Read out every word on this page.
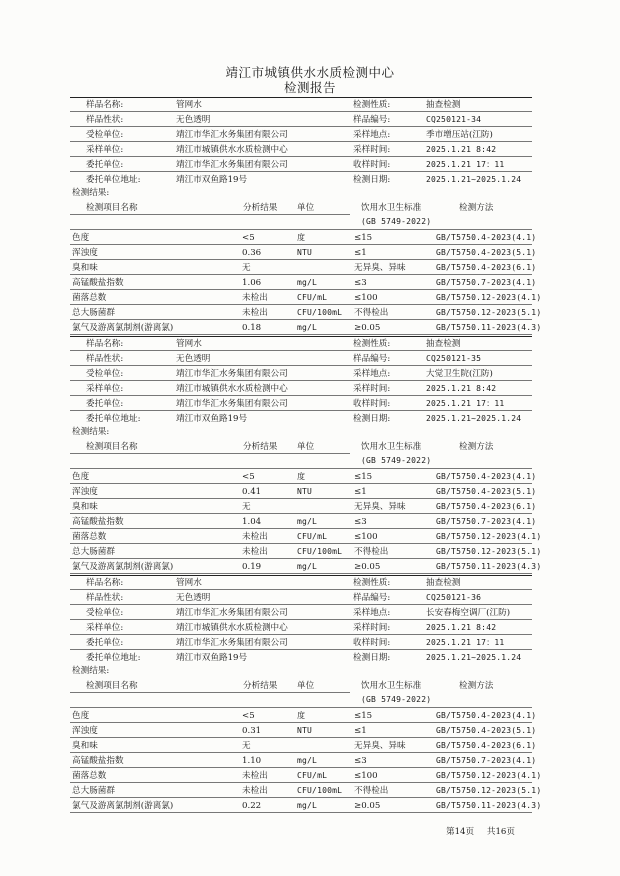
靖江市城镇供水水质检测中心
检测报告
样品名称:	管网水	检测性质:	抽查检测
样品性状:	无色透明	样品编号:	CQ250121-34
受检单位:	靖江市华汇水务集团有限公司	采样地点:	季市增压站(江防)
采样单位:	靖江市城镇供水水质检测中心	采样时间:	2025.1.21 8:42
委托单位:	靖江市华汇水务集团有限公司	收样时间:	2025.1.21 17：11
委托单位地址:	靖江市双鱼路19号	检测日期:	2025.1.21~2025.1.24
检测结果:
检测项目名称	分析结果 单位	饮用水卫生标准
(GB 5749-2022)
检测方法
色度	<5	度	≤15	GB/T5750.4-2023(4.1)
浑浊度	0.36	NTU	≤1	GB/T5750.4-2023(5.1)
臭和味	无	无异臭、异味	GB/T5750.4-2023(6.1)
高锰酸盐指数	1.06	mg/L	≤3	GB/T5750.7-2023(4.1)
菌落总数	未检出	CFU/mL	≤100	GB/T5750.12-2023(4.1)
总大肠菌群	未检出	CFU/100mL 不得检出	GB/T5750.12-2023(5.1)
氯气及游离氯制剂(游离氯)	0.18	mg/L	≥0.05	GB/T5750.11-2023(4.3)
样品名称:	管网水	检测性质:	抽查检测
样品性状:	无色透明	样品编号:	CQ250121-35
受检单位:	靖江市华汇水务集团有限公司	采样地点:	大觉卫生院(江防)
采样单位:	靖江市城镇供水水质检测中心	采样时间:	2025.1.21 8:42
委托单位:	靖江市华汇水务集团有限公司	收样时间:	2025.1.21 17：11
委托单位地址:	靖江市双鱼路19号	检测日期:	2025.1.21~2025.1.24
检测结果:
检测项目名称	分析结果 单位	饮用水卫生标准
(GB 5749-2022)
检测方法
色度	<5	度	≤15	GB/T5750.4-2023(4.1)
浑浊度	0.41	NTU	≤1	GB/T5750.4-2023(5.1)
臭和味	无	无异臭、异味	GB/T5750.4-2023(6.1)
高锰酸盐指数	1.04	mg/L	≤3	GB/T5750.7-2023(4.1)
菌落总数	未检出	CFU/mL	≤100	GB/T5750.12-2023(4.1)
总大肠菌群	未检出	CFU/100mL 不得检出	GB/T5750.12-2023(5.1)
氯气及游离氯制剂(游离氯)	0.19	mg/L	≥0.05	GB/T5750.11-2023(4.3)
样品名称:	管网水	检测性质:	抽查检测
样品性状:	无色透明	样品编号:	CQ250121-36
受检单位:	靖江市华汇水务集团有限公司	采样地点:	长安春梅空调厂(江防)
采样单位:	靖江市城镇供水水质检测中心	采样时间:	2025.1.21 8:42
委托单位:	靖江市华汇水务集团有限公司	收样时间:	2025.1.21 17：11
委托单位地址:	靖江市双鱼路19号	检测日期:	2025.1.21~2025.1.24
检测结果:
检测项目名称	分析结果 单位	饮用水卫生标准
(GB 5749-2022)
检测方法
色度	<5	度	≤15	GB/T5750.4-2023(4.1)
浑浊度	0.31	NTU	≤1	GB/T5750.4-2023(5.1)
臭和味	无	无异臭、异味	GB/T5750.4-2023(6.1)
高锰酸盐指数	1.10	mg/L	≤3	GB/T5750.7-2023(4.1)
菌落总数	未检出	CFU/mL	≤100	GB/T5750.12-2023(4.1)
总大肠菌群	未检出	CFU/100mL 不得检出	GB/T5750.12-2023(5.1)
氯气及游离氯制剂(游离氯)	0.22	mg/L	≥0.05	GB/T5750.11-2023(4.3)
第14页 共16页
